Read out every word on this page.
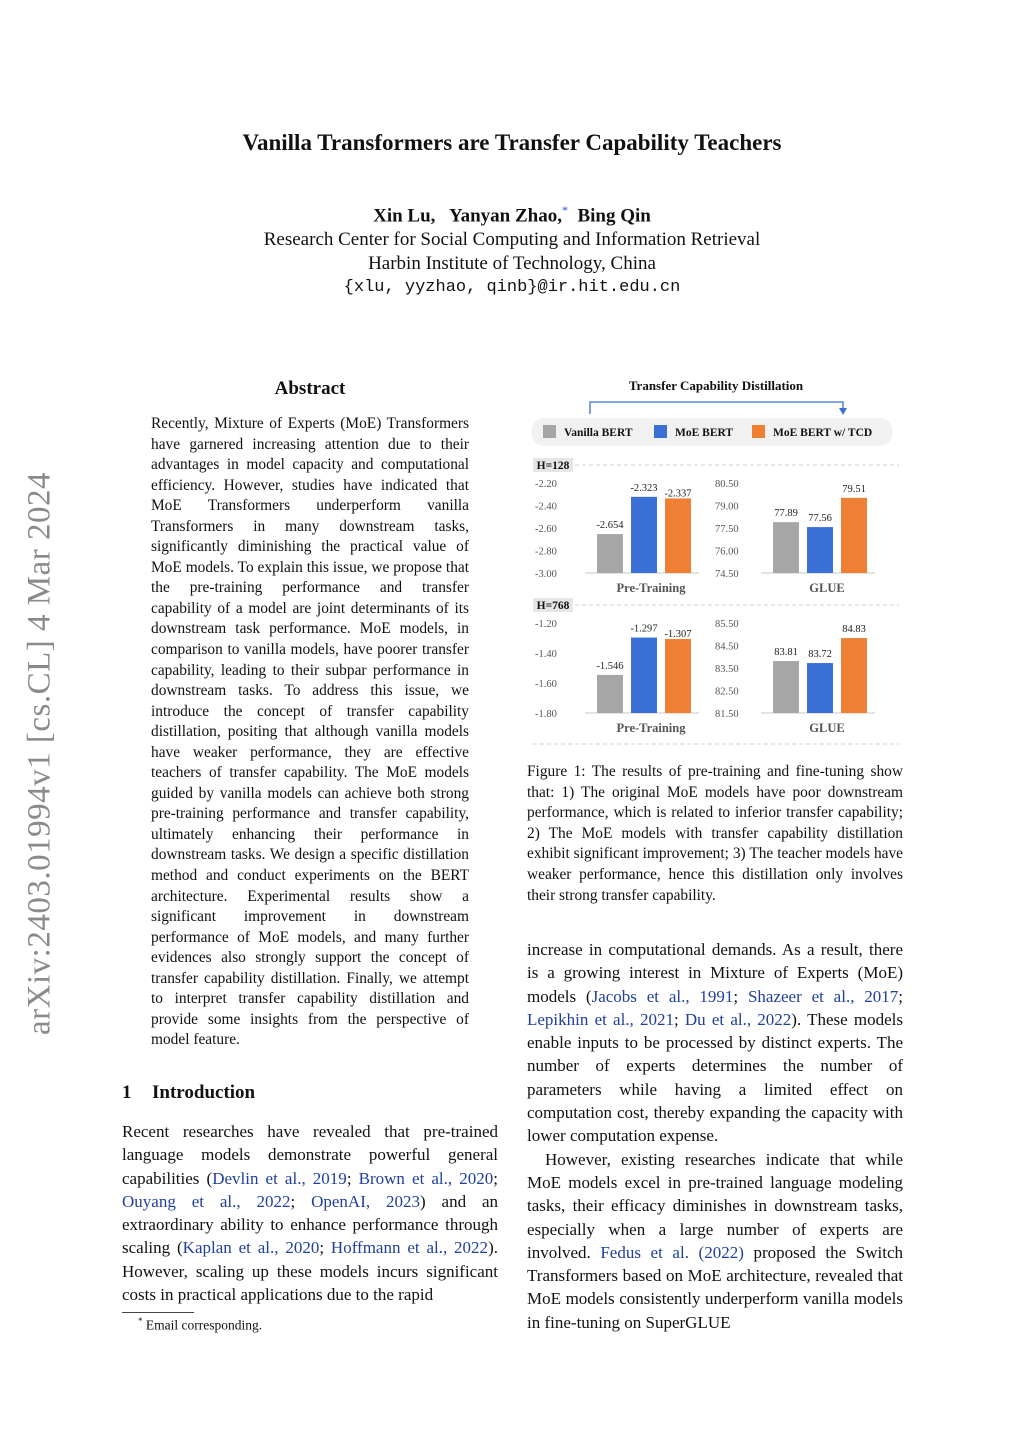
Vanilla Transformers are Transfer Capability Teachers
Xin Lu, Yanyan Zhao,* Bing Qin
Research Center for Social Computing and Information Retrieval
Harbin Institute of Technology, China
{xlu, yyzhao, qinb}@ir.hit.edu.cn
arXiv:2403.01994v1 [cs.CL] 4 Mar 2024
Abstract
Recently, Mixture of Experts (MoE) Transformers have garnered increasing attention due to their advantages in model capacity and computational efficiency. However, studies have indicated that MoE Transformers underperform vanilla Transformers in many downstream tasks, significantly diminishing the practical value of MoE models. To explain this issue, we propose that the pre-training performance and transfer capability of a model are joint determinants of its downstream task performance. MoE models, in comparison to vanilla models, have poorer transfer capability, leading to their subpar performance in downstream tasks. To address this issue, we introduce the concept of transfer capability distillation, positing that although vanilla models have weaker performance, they are effective teachers of transfer capability. The MoE models guided by vanilla models can achieve both strong pre-training performance and transfer capability, ultimately enhancing their performance in downstream tasks. We design a specific distillation method and conduct experiments on the BERT architecture. Experimental results show a significant improvement in downstream performance of MoE models, and many further evidences also strongly support the concept of transfer capability distillation. Finally, we attempt to interpret transfer capability distillation and provide some insights from the perspective of model feature.
1 Introduction
Recent researches have revealed that pre-trained language models demonstrate powerful general capabilities (Devlin et al., 2019; Brown et al., 2020; Ouyang et al., 2022; OpenAI, 2023) and an extraordinary ability to enhance performance through scaling (Kaplan et al., 2020; Hoffmann et al., 2022). However, scaling up these models incurs significant costs in practical applications due to the rapid
* Email corresponding.
Transfer Capability Distillation
Vanilla BERT	MoE BERT	MoE BERT w/ TCD
H=128
-2.20
-2.40
-2.60
-2.80
-3.00
-2.654
-2.323
-2.337
Pre-Training
80.50
79.00
77.50
76.00
74.50
77.89 77.56
79.51
GLUE
H=768
-1.20
-1.40
-1.60
-1.80
-1.546
-1.297 -1.307
Pre-Training
85.50
84.50
83.50
82.50
81.50
83.81 83.72
84.83
GLUE
Figure 1: The results of pre-training and fine-tuning show that: 1) The original MoE models have poor downstream performance, which is related to inferior transfer capability; 2) The MoE models with transfer capability distillation exhibit significant improvement; 3) The teacher models have weaker performance, hence this distillation only involves their strong transfer capability.

increase in computational demands. As a result, there is a growing interest in Mixture of Experts (MoE) models (Jacobs et al., 1991; Shazeer et al., 2017; Lepikhin et al., 2021; Du et al., 2022). These models enable inputs to be processed by distinct experts. The number of experts determines the number of parameters while having a limited effect on computation cost, thereby expanding the capacity with lower computation expense.

However, existing researches indicate that while MoE models excel in pre-trained language modeling tasks, their efficacy diminishes in downstream tasks, especially when a large number of experts are involved. Fedus et al. (2022) proposed the Switch Transformers based on MoE architecture, revealed that MoE models consistently underperform vanilla models in fine-tuning on SuperGLUE
